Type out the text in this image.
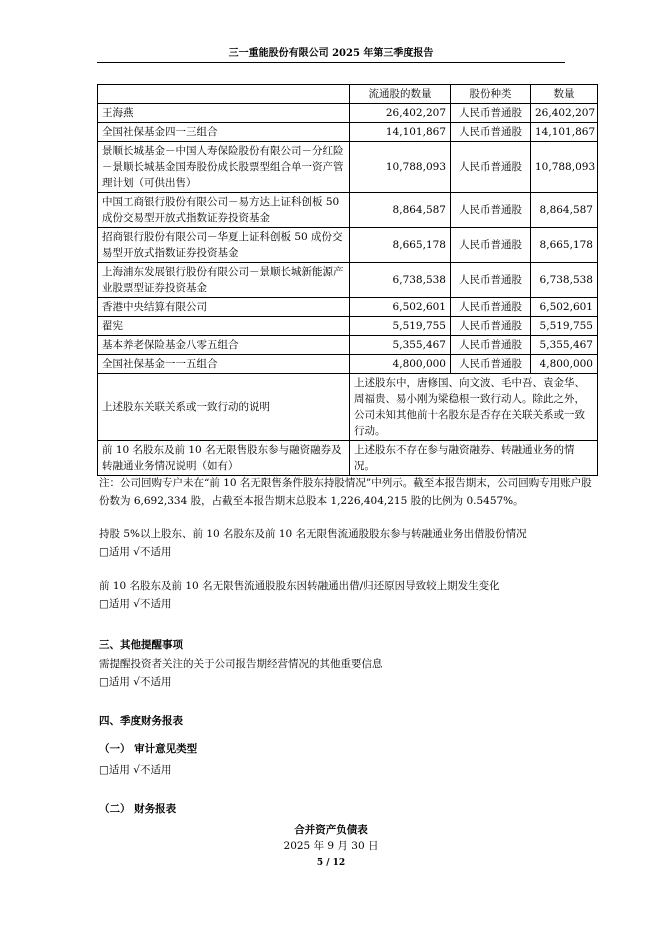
三一重能股份有限公司 2025 年第三季度报告
	流通股的数量	股份种类	数量
王海燕	26,402,207	人民币普通股	26,402,207
全国社保基金四一三组合	14,101,867	人民币普通股	14,101,867
景顺长城基金－中国人寿保险股份有限公司－分红险－景顺长城基金国寿股份成长股票型组合单一资产管理计划（可供出售）	10,788,093	人民币普通股	10,788,093
中国工商银行股份有限公司－易方达上证科创板 50 成份交易型开放式指数证券投资基金	8,864,587	人民币普通股	8,864,587
招商银行股份有限公司－华夏上证科创板 50 成份交易型开放式指数证券投资基金	8,665,178	人民币普通股	8,665,178
上海浦东发展银行股份有限公司－景顺长城新能源产业股票型证券投资基金	6,738,538	人民币普通股	6,738,538
香港中央结算有限公司	6,502,601	人民币普通股	6,502,601
翟宪	5,519,755	人民币普通股	5,519,755
基本养老保险基金八零五组合	5,355,467	人民币普通股	5,355,467
全国社保基金一一五组合	4,800,000	人民币普通股	4,800,000
上述股东关联关系或一致行动的说明	上述股东中，唐修国、向文波、毛中吾、袁金华、周福贵、易小刚为梁稳根一致行动人。除此之外，公司未知其他前十名股东是否存在关联关系或一致行动。		
前 10 名股东及前 10 名无限售股东参与融资融券及转融通业务情况说明（如有）	上述股东不存在参与融资融券、转融通业务的情况。		
注：公司回购专户未在“前 10 名无限售条件股东持股情况”中列示。截至本报告期末，公司回购专用账户股份数为 6,692,334 股，占截至本报告期末总股本 1,226,404,215 股的比例为 0.5457%。
持股 5%以上股东、前 10 名股东及前 10 名无限售流通股股东参与转融通业务出借股份情况
□适用 √不适用
前 10 名股东及前 10 名无限售流通股股东因转融通出借/归还原因导致较上期发生变化
□适用 √不适用
三、其他提醒事项
需提醒投资者关注的关于公司报告期经营情况的其他重要信息
□适用 √不适用
四、季度财务报表
（一） 审计意见类型
□适用 √不适用
（二） 财务报表
合并资产负债表
2025 年 9 月 30 日
5 / 12
